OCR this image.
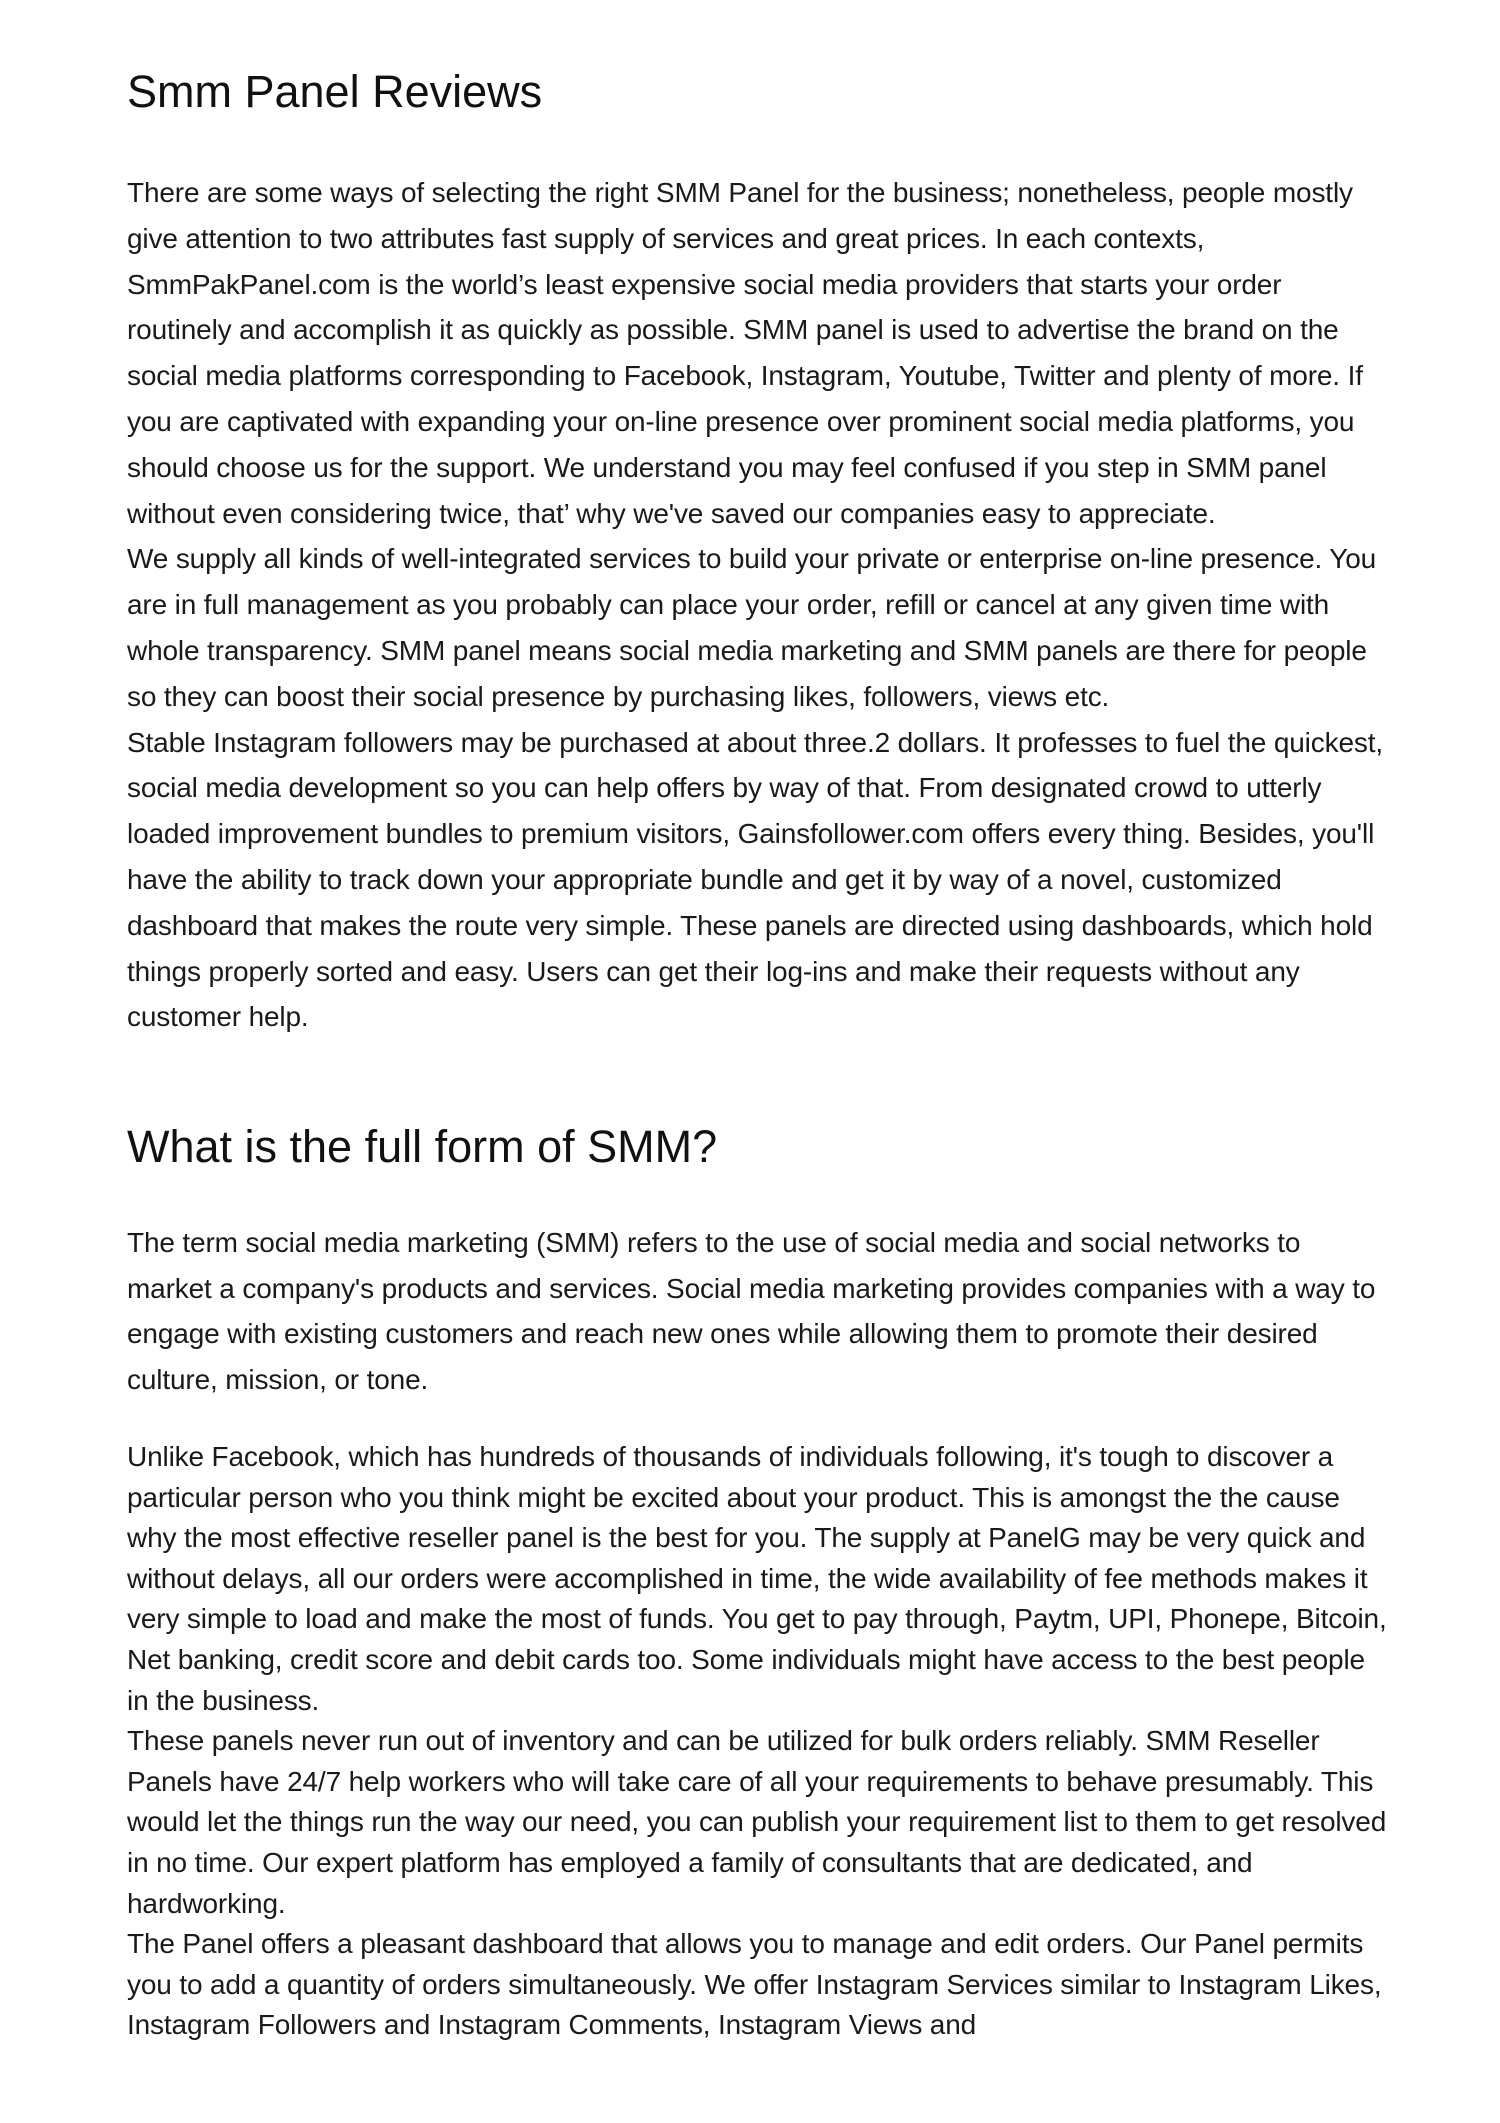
Smm Panel Reviews

There are some ways of selecting the right SMM Panel for the business; nonetheless, people mostly give attention to two attributes fast supply of services and great prices. In each contexts, SmmPakPanel.com is the world’s least expensive social media providers that starts your order routinely and accomplish it as quickly as possible. SMM panel is used to advertise the brand on the social media platforms corresponding to Facebook, Instagram, Youtube, Twitter and plenty of more. If you are captivated with expanding your on-line presence over prominent social media platforms, you should choose us for the support. We understand you may feel confused if you step in SMM panel without even considering twice, that’ why we've saved our companies easy to appreciate.

We supply all kinds of well-integrated services to build your private or enterprise on-line presence. You are in full management as you probably can place your order, refill or cancel at any given time with whole transparency. SMM panel means social media marketing and SMM panels are there for people so they can boost their social presence by purchasing likes, followers, views etc.

Stable Instagram followers may be purchased at about three.2 dollars. It professes to fuel the quickest, social media development so you can help offers by way of that. From designated crowd to utterly loaded improvement bundles to premium visitors, Gainsfollower.com offers every thing. Besides, you'll have the ability to track down your appropriate bundle and get it by way of a novel, customized dashboard that makes the route very simple. These panels are directed using dashboards, which hold things properly sorted and easy. Users can get their log-ins and make their requests without any customer help.

What is the full form of SMM?

The term social media marketing (SMM) refers to the use of social media and social networks to market a company's products and services. Social media marketing provides companies with a way to engage with existing customers and reach new ones while allowing them to promote their desired culture, mission, or tone.

Unlike Facebook, which has hundreds of thousands of individuals following, it's tough to discover a particular person who you think might be excited about your product. This is amongst the the cause why the most effective reseller panel is the best for you. The supply at PanelG may be very quick and without delays, all our orders were accomplished in time, the wide availability of fee methods makes it very simple to load and make the most of funds. You get to pay through, Paytm, UPI, Phonepe, Bitcoin, Net banking, credit score and debit cards too. Some individuals might have access to the best people in the business.

These panels never run out of inventory and can be utilized for bulk orders reliably. SMM Reseller Panels have 24/7 help workers who will take care of all your requirements to behave presumably. This would let the things run the way our need, you can publish your requirement list to them to get resolved in no time. Our expert platform has employed a family of consultants that are dedicated, and hardworking.

The Panel offers a pleasant dashboard that allows you to manage and edit orders. Our Panel permits you to add a quantity of orders simultaneously. We offer Instagram Services similar to Instagram Likes, Instagram Followers and Instagram Comments, Instagram Views and
